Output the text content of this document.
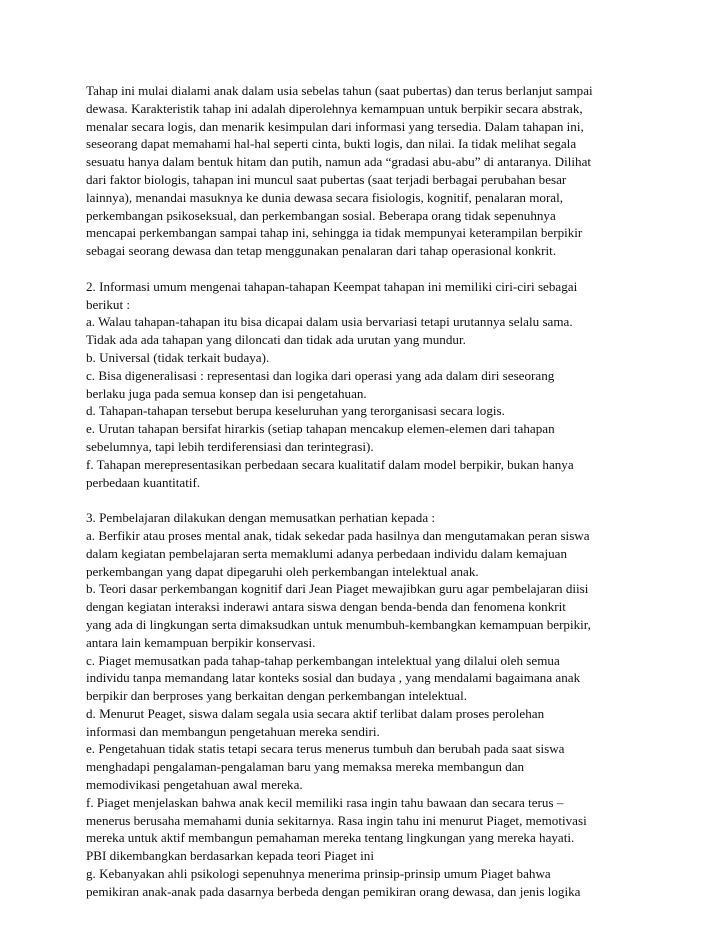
Tahap ini mulai dialami anak dalam usia sebelas tahun (saat pubertas) dan terus berlanjut sampai
dewasa. Karakteristik tahap ini adalah diperolehnya kemampuan untuk berpikir secara abstrak,
menalar secara logis, dan menarik kesimpulan dari informasi yang tersedia. Dalam tahapan ini,
seseorang dapat memahami hal-hal seperti cinta, bukti logis, dan nilai. Ia tidak melihat segala
sesuatu hanya dalam bentuk hitam dan putih, namun ada “gradasi abu-abu” di antaranya. Dilihat
dari faktor biologis, tahapan ini muncul saat pubertas (saat terjadi berbagai perubahan besar
lainnya), menandai masuknya ke dunia dewasa secara fisiologis, kognitif, penalaran moral,
perkembangan psikoseksual, dan perkembangan sosial. Beberapa orang tidak sepenuhnya
mencapai perkembangan sampai tahap ini, sehingga ia tidak mempunyai keterampilan berpikir
sebagai seorang dewasa dan tetap menggunakan penalaran dari tahap operasional konkrit.
2. Informasi umum mengenai tahapan-tahapan Keempat tahapan ini memiliki ciri-ciri sebagai
berikut :
a. Walau tahapan-tahapan itu bisa dicapai dalam usia bervariasi tetapi urutannya selalu sama.
Tidak ada ada tahapan yang diloncati dan tidak ada urutan yang mundur.
b. Universal (tidak terkait budaya).
c. Bisa digeneralisasi : representasi dan logika dari operasi yang ada dalam diri seseorang
berlaku juga pada semua konsep dan isi pengetahuan.
d. Tahapan-tahapan tersebut berupa keseluruhan yang terorganisasi secara logis.
e. Urutan tahapan bersifat hirarkis (setiap tahapan mencakup elemen-elemen dari tahapan
sebelumnya, tapi lebih terdiferensiasi dan terintegrasi).
f. Tahapan merepresentasikan perbedaan secara kualitatif dalam model berpikir, bukan hanya
perbedaan kuantitatif.
3. Pembelajaran dilakukan dengan memusatkan perhatian kepada :
a. Berfikir atau proses mental anak, tidak sekedar pada hasilnya dan mengutamakan peran siswa
dalam kegiatan pembelajaran serta memaklumi adanya perbedaan individu dalam kemajuan
perkembangan yang dapat dipegaruhi oleh perkembangan intelektual anak.
b. Teori dasar perkembangan kognitif dari Jean Piaget mewajibkan guru agar pembelajaran diisi
dengan kegiatan interaksi inderawi antara siswa dengan benda-benda dan fenomena konkrit
yang ada di lingkungan serta dimaksudkan untuk menumbuh-kembangkan kemampuan berpikir,
antara lain kemampuan berpikir konservasi.
c. Piaget memusatkan pada tahap-tahap perkembangan intelektual yang dilalui oleh semua
individu tanpa memandang latar konteks sosial dan budaya , yang mendalami bagaimana anak
berpikir dan berproses yang berkaitan dengan perkembangan intelektual.
d. Menurut Peaget, siswa dalam segala usia secara aktif terlibat dalam proses perolehan
informasi dan membangun pengetahuan mereka sendiri.
e. Pengetahuan tidak statis tetapi secara terus menerus tumbuh dan berubah pada saat siswa
menghadapi pengalaman-pengalaman baru yang memaksa mereka membangun dan
memodivikasi pengetahuan awal mereka.
f. Piaget menjelaskan bahwa anak kecil memiliki rasa ingin tahu bawaan dan secara terus –
menerus berusaha memahami dunia sekitarnya. Rasa ingin tahu ini menurut Piaget, memotivasi
mereka untuk aktif membangun pemahaman mereka tentang lingkungan yang mereka hayati.
PBI dikembangkan berdasarkan kepada teori Piaget ini
g. Kebanyakan ahli psikologi sepenuhnya menerima prinsip-prinsip umum Piaget bahwa
pemikiran anak-anak pada dasarnya berbeda dengan pemikiran orang dewasa, dan jenis logika
